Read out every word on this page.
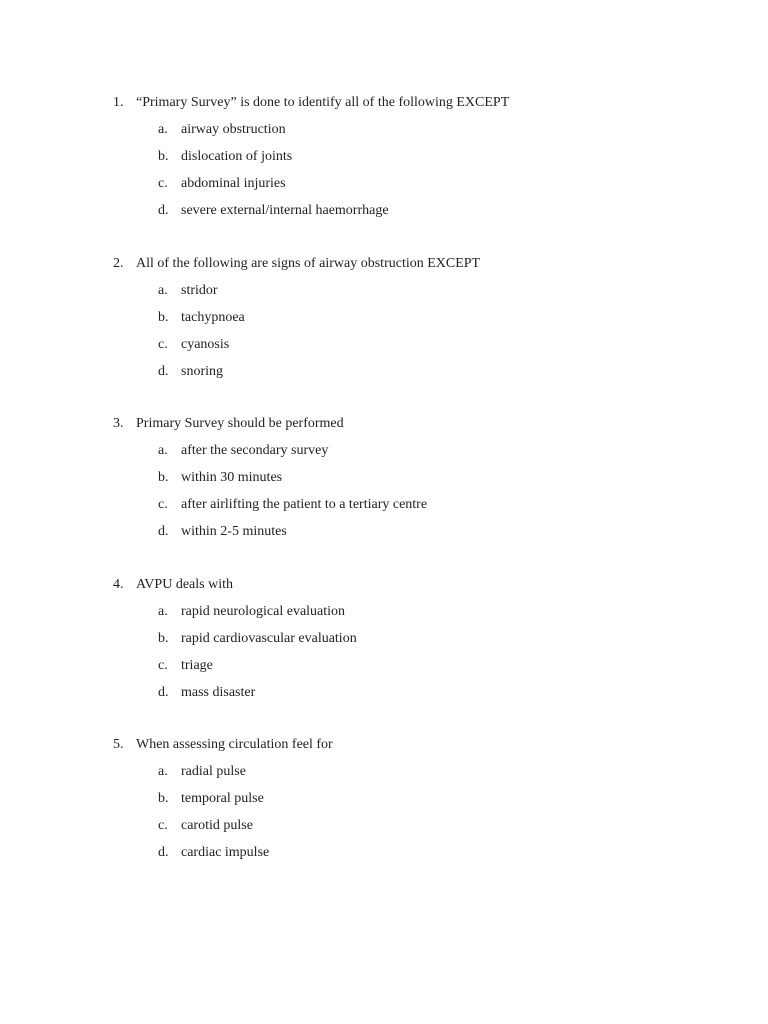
1. “Primary Survey” is done to identify all of the following EXCEPT
a. airway obstruction
b. dislocation of joints
c. abdominal injuries
d. severe external/internal haemorrhage
2. All of the following are signs of airway obstruction EXCEPT
a. stridor
b. tachypnoea
c. cyanosis
d. snoring
3. Primary Survey should be performed
a. after the secondary survey
b. within 30 minutes
c. after airlifting the patient to a tertiary centre
d. within 2-5 minutes
4. AVPU deals with
a. rapid neurological evaluation
b. rapid cardiovascular evaluation
c. triage
d. mass disaster
5. When assessing circulation feel for
a. radial pulse
b. temporal pulse
c. carotid pulse
d. cardiac impulse
